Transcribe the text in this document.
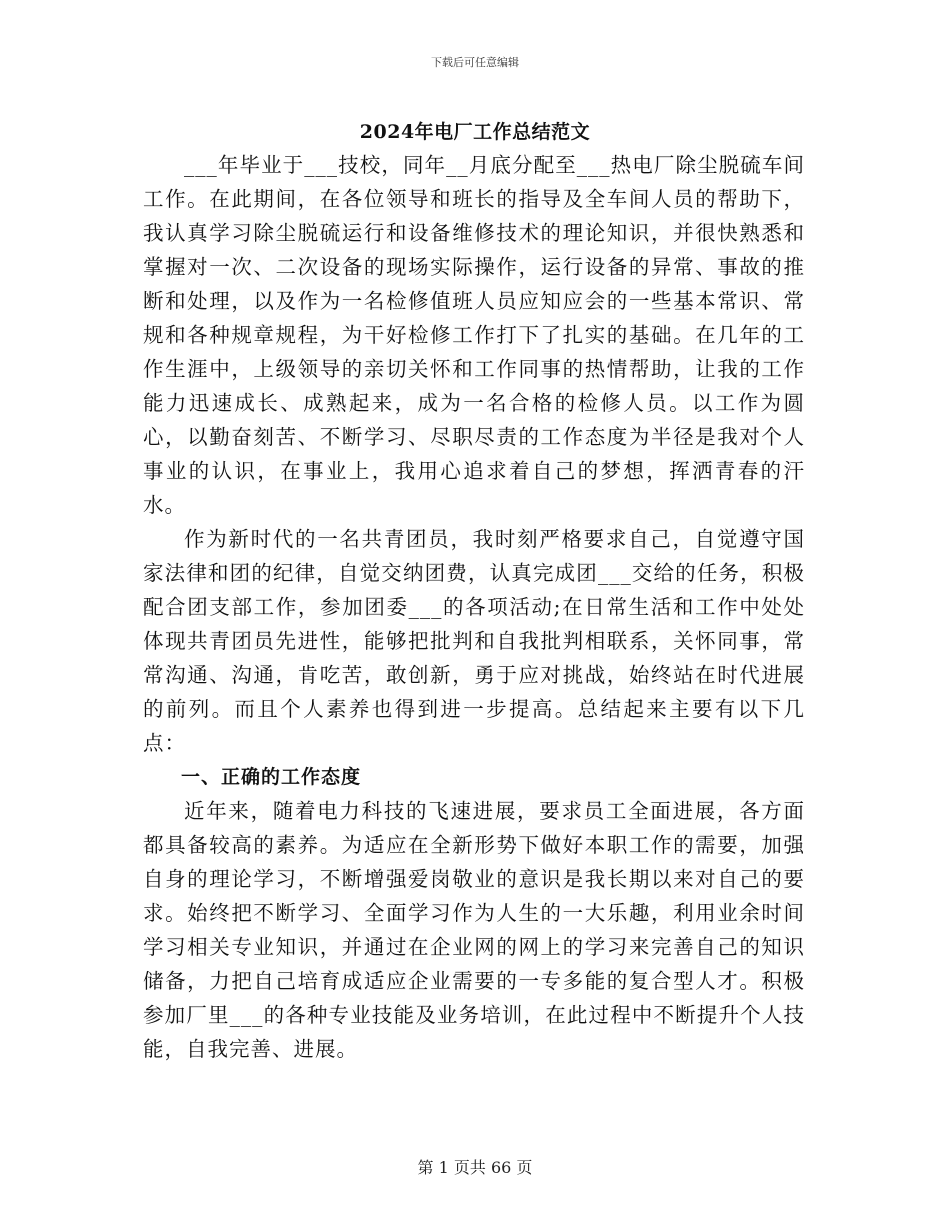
下载后可任意编辑
2024年电厂工作总结范文

___年毕业于___技校，同年__月底分配至___热电厂除尘脱硫车间工作。在此期间，在各位领导和班长的指导及全车间人员的帮助下，我认真学习除尘脱硫运行和设备维修技术的理论知识，并很快熟悉和掌握对一次、二次设备的现场实际操作，运行设备的异常、事故的推断和处理，以及作为一名检修值班人员应知应会的一些基本常识、常规和各种规章规程，为干好检修工作打下了扎实的基础。在几年的工作生涯中，上级领导的亲切关怀和工作同事的热情帮助，让我的工作能力迅速成长、成熟起来，成为一名合格的检修人员。以工作为圆心，以勤奋刻苦、不断学习、尽职尽责的工作态度为半径是我对个人事业的认识，在事业上，我用心追求着自己的梦想，挥洒青春的汗水。

作为新时代的一名共青团员，我时刻严格要求自己，自觉遵守国家法律和团的纪律，自觉交纳团费，认真完成团___交给的任务，积极配合团支部工作，参加团委___的各项活动;在日常生活和工作中处处体现共青团员先进性，能够把批判和自我批判相联系，关怀同事，常常沟通、沟通，肯吃苦，敢创新，勇于应对挑战，始终站在时代进展的前列。而且个人素养也得到进一步提高。总结起来主要有以下几点：

一、正确的工作态度

近年来，随着电力科技的飞速进展，要求员工全面进展，各方面都具备较高的素养。为适应在全新形势下做好本职工作的需要，加强自身的理论学习，不断增强爱岗敬业的意识是我长期以来对自己的要求。始终把不断学习、全面学习作为人生的一大乐趣，利用业余时间学习相关专业知识，并通过在企业网的网上的学习来完善自己的知识储备，力把自己培育成适应企业需要的一专多能的复合型人才。积极参加厂里___的各种专业技能及业务培训，在此过程中不断提升个人技能，自我完善、进展。

第 1 页共 66 页
